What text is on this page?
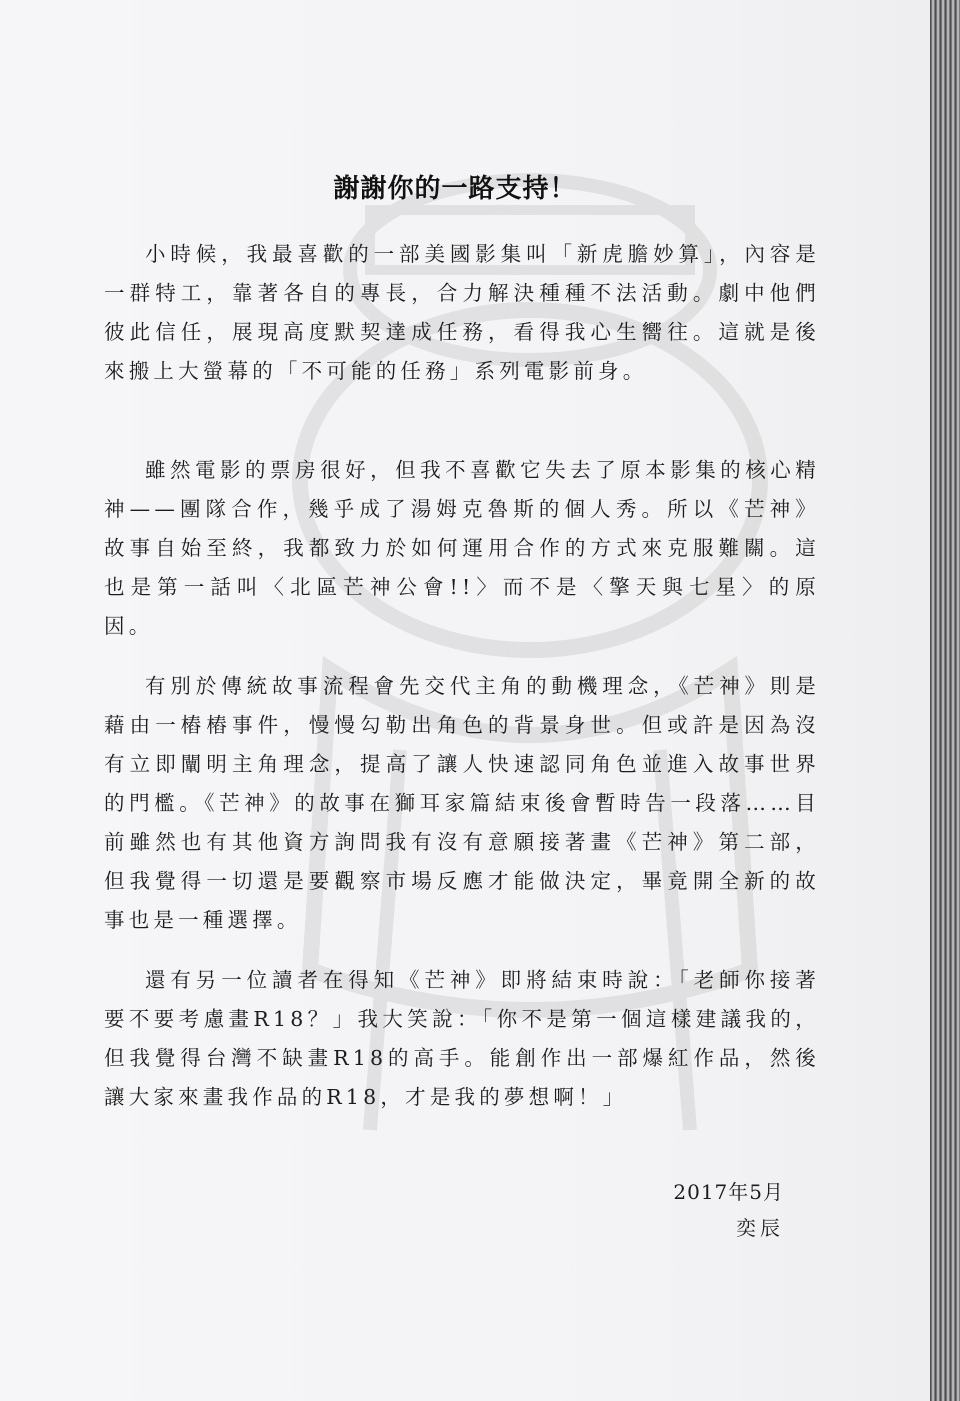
謝謝你的一路支持！

小時候，我最喜歡的一部美國影集叫「新虎膽妙算」，內容是一群特工，靠著各自的專長，合力解決種種不法活動。劇中他們彼此信任，展現高度默契達成任務，看得我心生嚮往。這就是後來搬上大螢幕的「不可能的任務」系列電影前身。

雖然電影的票房很好，但我不喜歡它失去了原本影集的核心精神——團隊合作，幾乎成了湯姆克魯斯的個人秀。所以《芒神》故事自始至終，我都致力於如何運用合作的方式來克服難關。這也是第一話叫〈北區芒神公會!!〉而不是〈擎天與七星〉的原因。

有別於傳統故事流程會先交代主角的動機理念，《芒神》則是藉由一樁樁事件，慢慢勾勒出角色的背景身世。但或許是因為沒有立即闡明主角理念，提高了讓人快速認同角色並進入故事世界的門檻。《芒神》的故事在獅耳家篇結束後會暫時告一段落……目前雖然也有其他資方詢問我有沒有意願接著畫《芒神》第二部，但我覺得一切還是要觀察市場反應才能做決定，畢竟開全新的故事也是一種選擇。

還有另一位讀者在得知《芒神》即將結束時說：「老師你接著要不要考慮畫R18？」我大笑說：「你不是第一個這樣建議我的，但我覺得台灣不缺畫R18的高手。能創作出一部爆紅作品，然後讓大家來畫我作品的R18，才是我的夢想啊！」

2017年5月

奕辰
